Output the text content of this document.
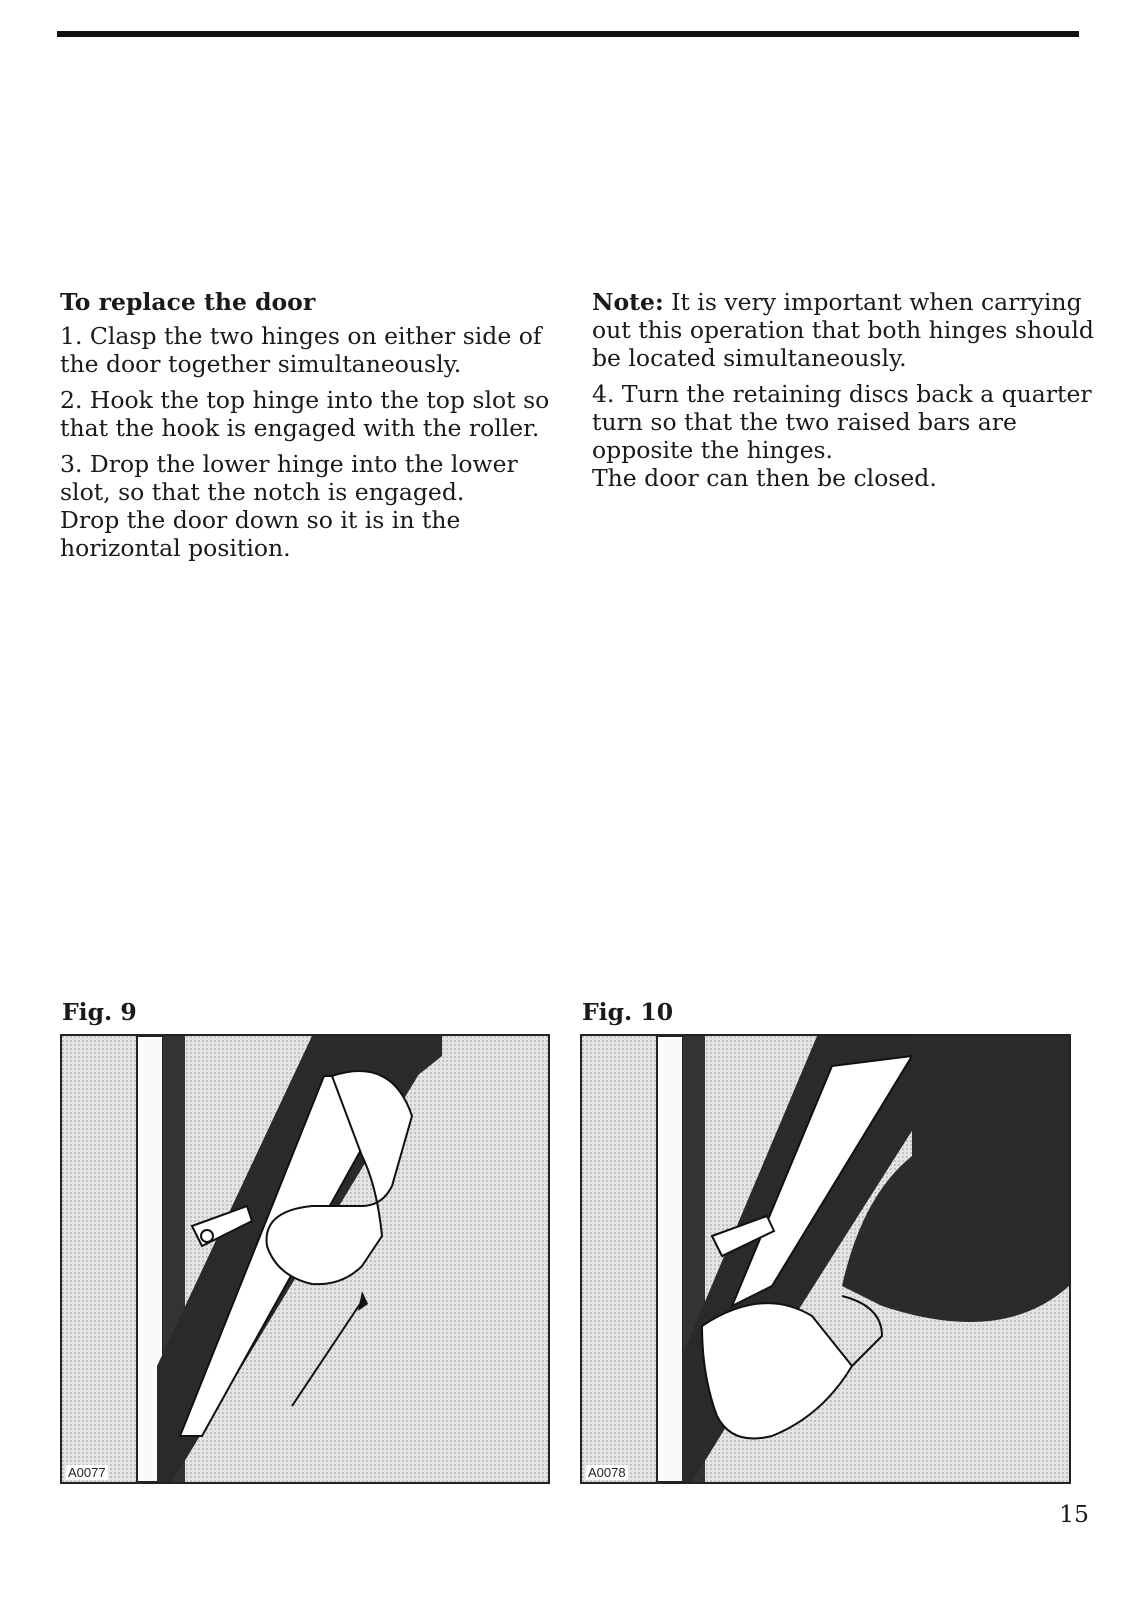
To replace the door

1. Clasp the two hinges on either side of the door together simultaneously.

2. Hook the top hinge into the top slot so that the hook is engaged with the roller.

3. Drop the lower hinge into the lower slot, so that the notch is engaged.

Drop the door down so it is in the horizontal position.

Note: It is very important when carrying out this operation that both hinges should be located simultaneously.

4. Turn the retaining discs back a quarter turn so that the two raised bars are opposite the hinges.

The door can then be closed.

Fig. 9
A0077
Fig. 10
A0078
15
